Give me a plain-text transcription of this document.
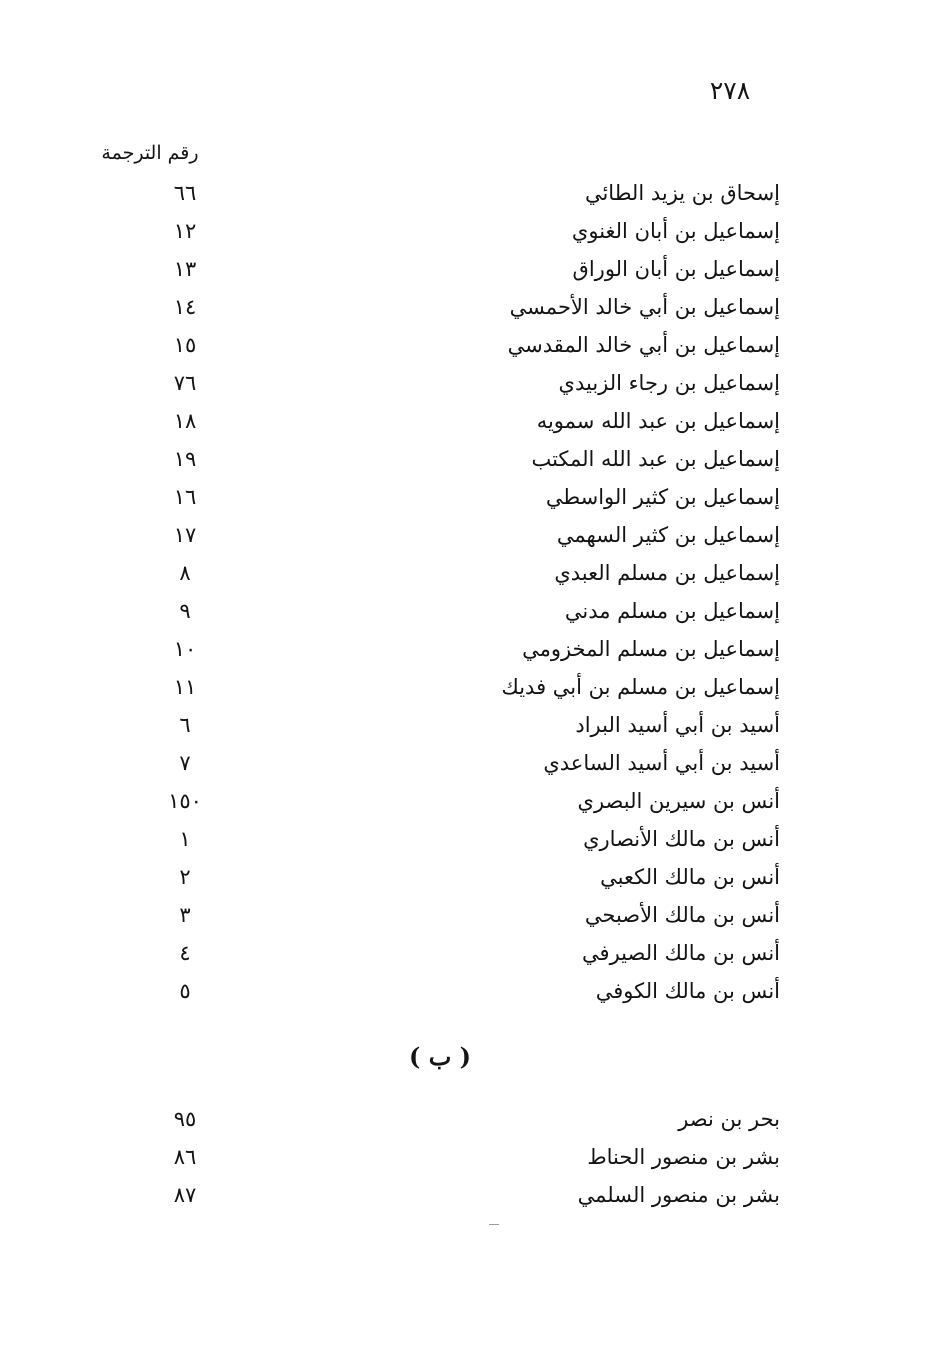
٢٧٨
رقم الترجمة
إسحاق بن يزيد الطائي
٦٦
إسماعيل بن أبان الغنوي
١٢
إسماعيل بن أبان الوراق
١٣
إسماعيل بن أبي خالد الأحمسي
١٤
إسماعيل بن أبي خالد المقدسي
١٥
إسماعيل بن رجاء الزبيدي
٧٦
إسماعيل بن عبد الله سمويه
١٨
إسماعيل بن عبد الله المكتب
١٩
إسماعيل بن كثير الواسطي
١٦
إسماعيل بن كثير السهمي
١٧
إسماعيل بن مسلم العبدي
٨
إسماعيل بن مسلم مدني
٩
إسماعيل بن مسلم المخزومي
١٠
إسماعيل بن مسلم بن أبي فديك
١١
أسيد بن أبي أسيد البراد
٦
أسيد بن أبي أسيد الساعدي
٧
أنس بن سيرين البصري
١٥٠
أنس بن مالك الأنصاري
١
أنس بن مالك الكعبي
٢
أنس بن مالك الأصبحي
٣
أنس بن مالك الصيرفي
٤
أنس بن مالك الكوفي
٥
( ب )
بحر بن نصر
٩٥
بشر بن منصور الحناط
٨٦
بشر بن منصور السلمي
٨٧
